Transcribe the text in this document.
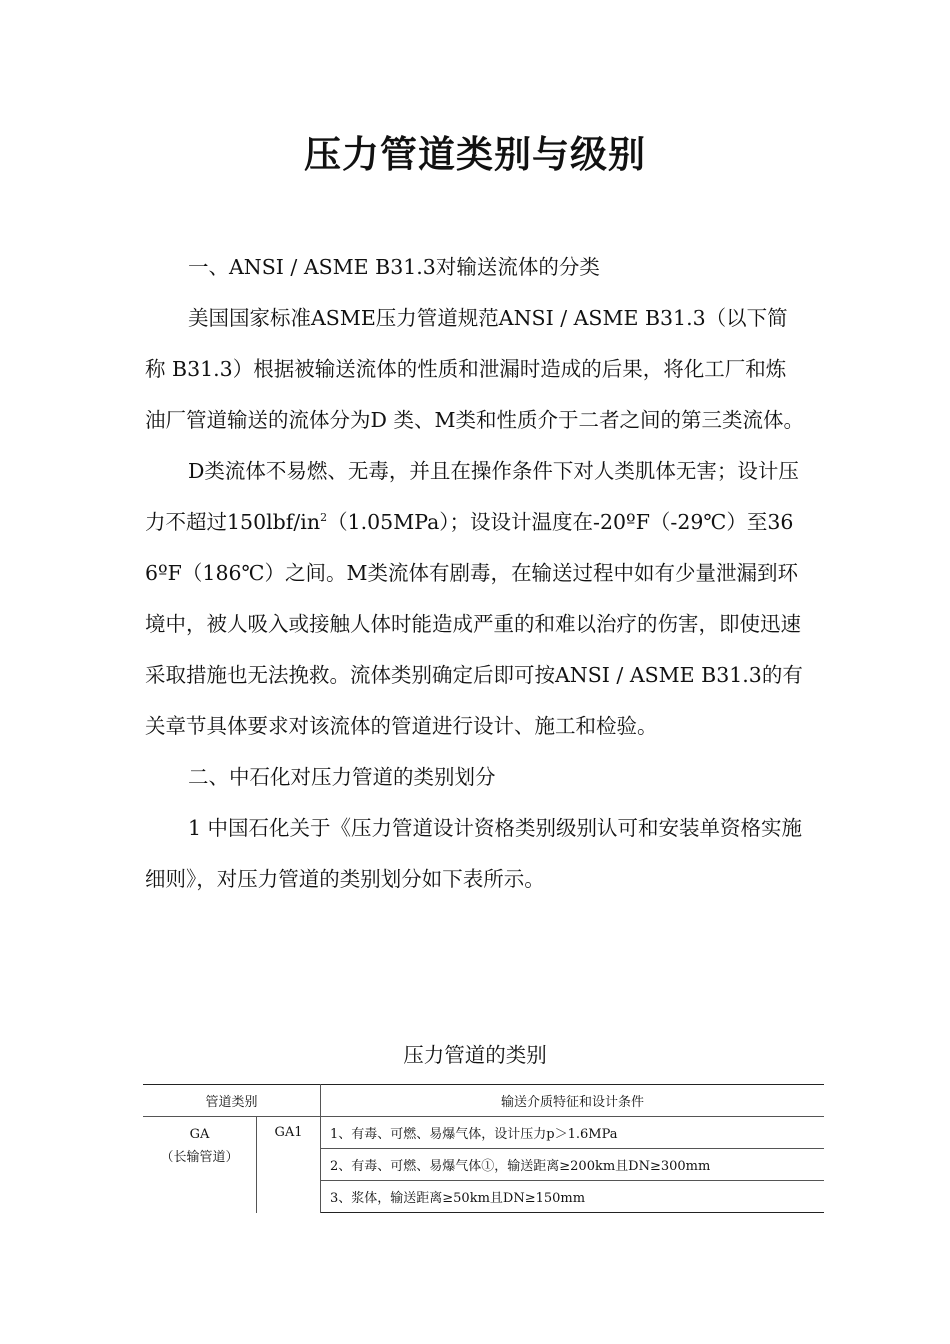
压力管道类别与级别

一、ANSI / ASME B31.3对输送流体的分类

美国国家标准ASME压力管道规范ANSI / ASME B31.3（以下简称 B31.3）根据被输送流体的性质和泄漏时造成的后果，将化工厂和炼油厂管道输送的流体分为D 类、M类和性质介于二者之间的第三类流体。

D类流体不易燃、无毒，并且在操作条件下对人类肌体无害；设计压力不超过$150lbf/in^2(1.05MPa)$；设设计温度在-20ºF（-29℃）至366ºF（186℃）之间。M类流体有剧毒，在输送过程中如有少量泄漏到环境中，被人吸入或接触人体时能造成严重的和难以治疗的伤害，即使迅速采取措施也无法挽救。流体类别确定后即可按ANSI / ASME B31.3的有关章节具体要求对该流体的管道进行设计、施工和检验。

二、中石化对压力管道的类别划分

1 中国石化关于《压力管道设计资格类别级别认可和安装单资格实施细则》，对压力管道的类别划分如下表所示。

压力管道的类别
管道类别		输送介质特征和设计条件

GA
（长输管道）	GA1	1、有毒、可燃、易爆气体，设计压力p＞1.6MPa
		2、有毒、可燃、易爆气体①，输送距离≥200km且DN≥300mm
		3、浆体，输送距离≥50km且DN≥150mm
